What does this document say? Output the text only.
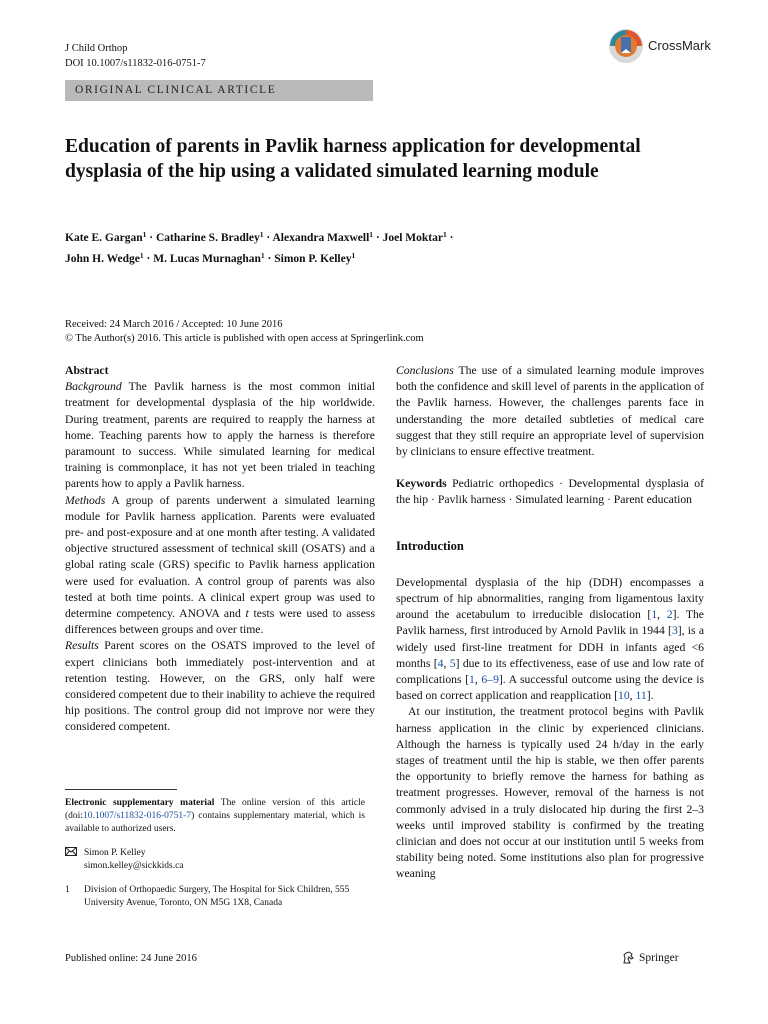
J Child Orthop
DOI 10.1007/s11832-016-0751-7
CrossMark
ORIGINAL CLINICAL ARTICLE
Education of parents in Pavlik harness application for developmental dysplasia of the hip using a validated simulated learning module
Kate E. Gargan$^1$ · Catharine S. Bradley$^1$ · Alexandra Maxwell$^1$ · Joel Moktar$^1$ ·
John H. Wedge$^1$ · M. Lucas Murnaghan$^1$ · Simon P. Kelley$^1$
Received: 24 March 2016 / Accepted: 10 June 2016
© The Author(s) 2016. This article is published with open access at Springerlink.com

Abstract

Background The Pavlik harness is the most common initial treatment for developmental dysplasia of the hip worldwide. During treatment, parents are required to reapply the harness at home. Teaching parents how to apply the harness is therefore paramount to success. While simulated learning for medical training is commonplace, it has not yet been trialed in teaching parents how to apply a Pavlik harness.

Methods A group of parents underwent a simulated learning module for Pavlik harness application. Parents were evaluated pre- and post-exposure and at one month after testing. A validated objective structured assessment of technical skill (OSATS) and a global rating scale (GRS) specific to Pavlik harness application were used for evaluation. A control group of parents was also tested at both time points. A clinical expert group was used to determine competency. ANOVA and t tests were used to assess differences between groups and over time.

Results Parent scores on the OSATS improved to the level of expert clinicians both immediately post-intervention and at retention testing. However, on the GRS, only half were considered competent due to their inability to achieve the required hip positions. The control group did not improve nor were they considered competent.

Electronic supplementary material The online version of this article (doi:10.1007/s11832-016-0751-7) contains supplementary material, which is available to authorized users.

Simon P. Kelley
simon.kelley@sickkids.ca
1	Division of Orthopaedic Surgery, The Hospital for Sick Children, 555 University Avenue, Toronto, ON M5G 1X8, Canada

Conclusions The use of a simulated learning module improves both the confidence and skill level of parents in the application of the Pavlik harness. However, the challenges parents face in understanding the more detailed subtleties of medical care suggest that they still require an appropriate level of supervision by clinicians to ensure effective treatment.

Keywords Pediatric orthopedics · Developmental dysplasia of the hip · Pavlik harness · Simulated learning · Parent education

Introduction

Developmental dysplasia of the hip (DDH) encompasses a spectrum of hip abnormalities, ranging from ligamentous laxity around the acetabulum to irreducible dislocation [1, 2]. The Pavlik harness, first introduced by Arnold Pavlik in 1944 [3], is a widely used first-line treatment for DDH in infants aged <6 months [4, 5] due to its effectiveness, ease of use and low rate of complications [1, 6–9]. A successful outcome using the device is based on correct application and reapplication [10, 11].

At our institution, the treatment protocol begins with Pavlik harness application in the clinic by experienced clinicians. Although the harness is typically used 24 h/day in the early stages of treatment until the hip is stable, we then offer parents the opportunity to briefly remove the harness for bathing as treatment progresses. However, removal of the harness is not commonly advised in a truly dislocated hip during the first 2–3 weeks until improved stability is confirmed by the treating clinician and does not occur at our institution until 5 weeks from stability being noted. Some institutions also plan for progressive weaning

Published online: 24 June 2016	Springer
